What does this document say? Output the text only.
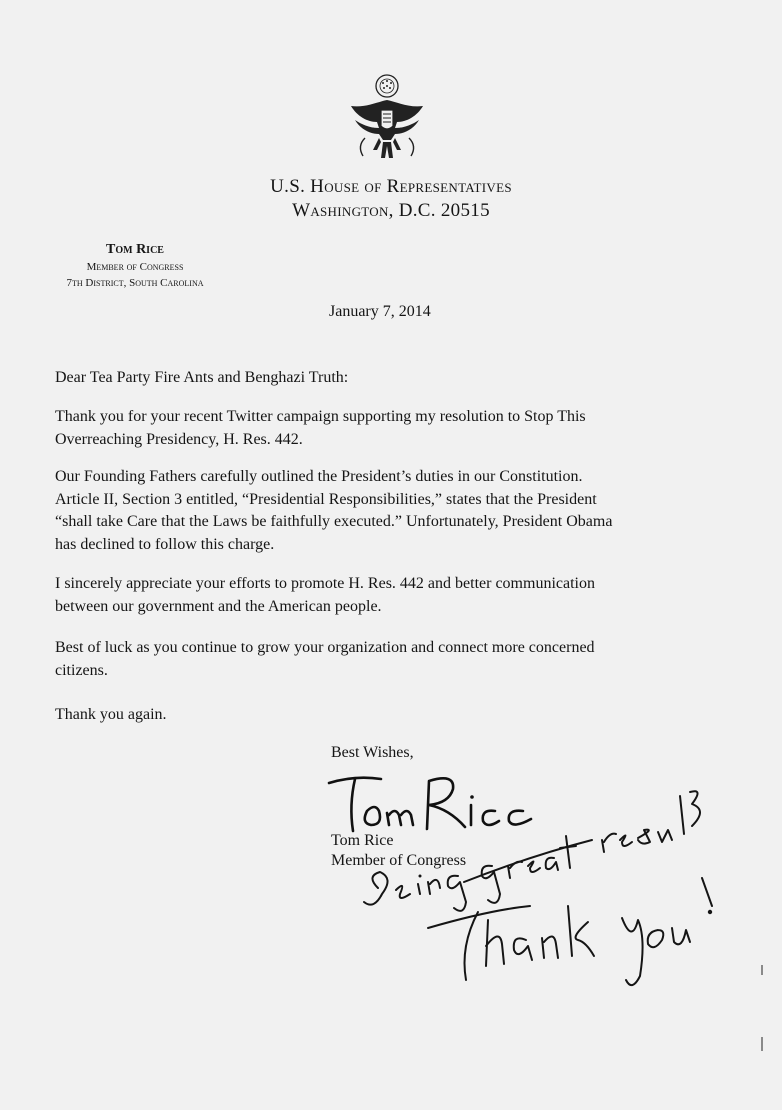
U.S. House of Representatives
Washington, D.C. 20515
Tom Rice
Member of Congress
7th District, South Carolina
January 7, 2014

Dear Tea Party Fire Ants and Benghazi Truth:

Thank you for your recent Twitter campaign supporting my resolution to Stop This
Overreaching Presidency, H. Res. 442.

Our Founding Fathers carefully outlined the President’s duties in our Constitution.
Article II, Section 3 entitled, “Presidential Responsibilities,” states that the President
“shall take Care that the Laws be faithfully executed.” Unfortunately, President Obama
has declined to follow this charge.

I sincerely appreciate your efforts to promote H. Res. 442 and better communication
between our government and the American people.

Best of luck as you continue to grow your organization and connect more concerned
citizens.

Thank you again.

Best Wishes,
Tom Rice
Member of Congress
